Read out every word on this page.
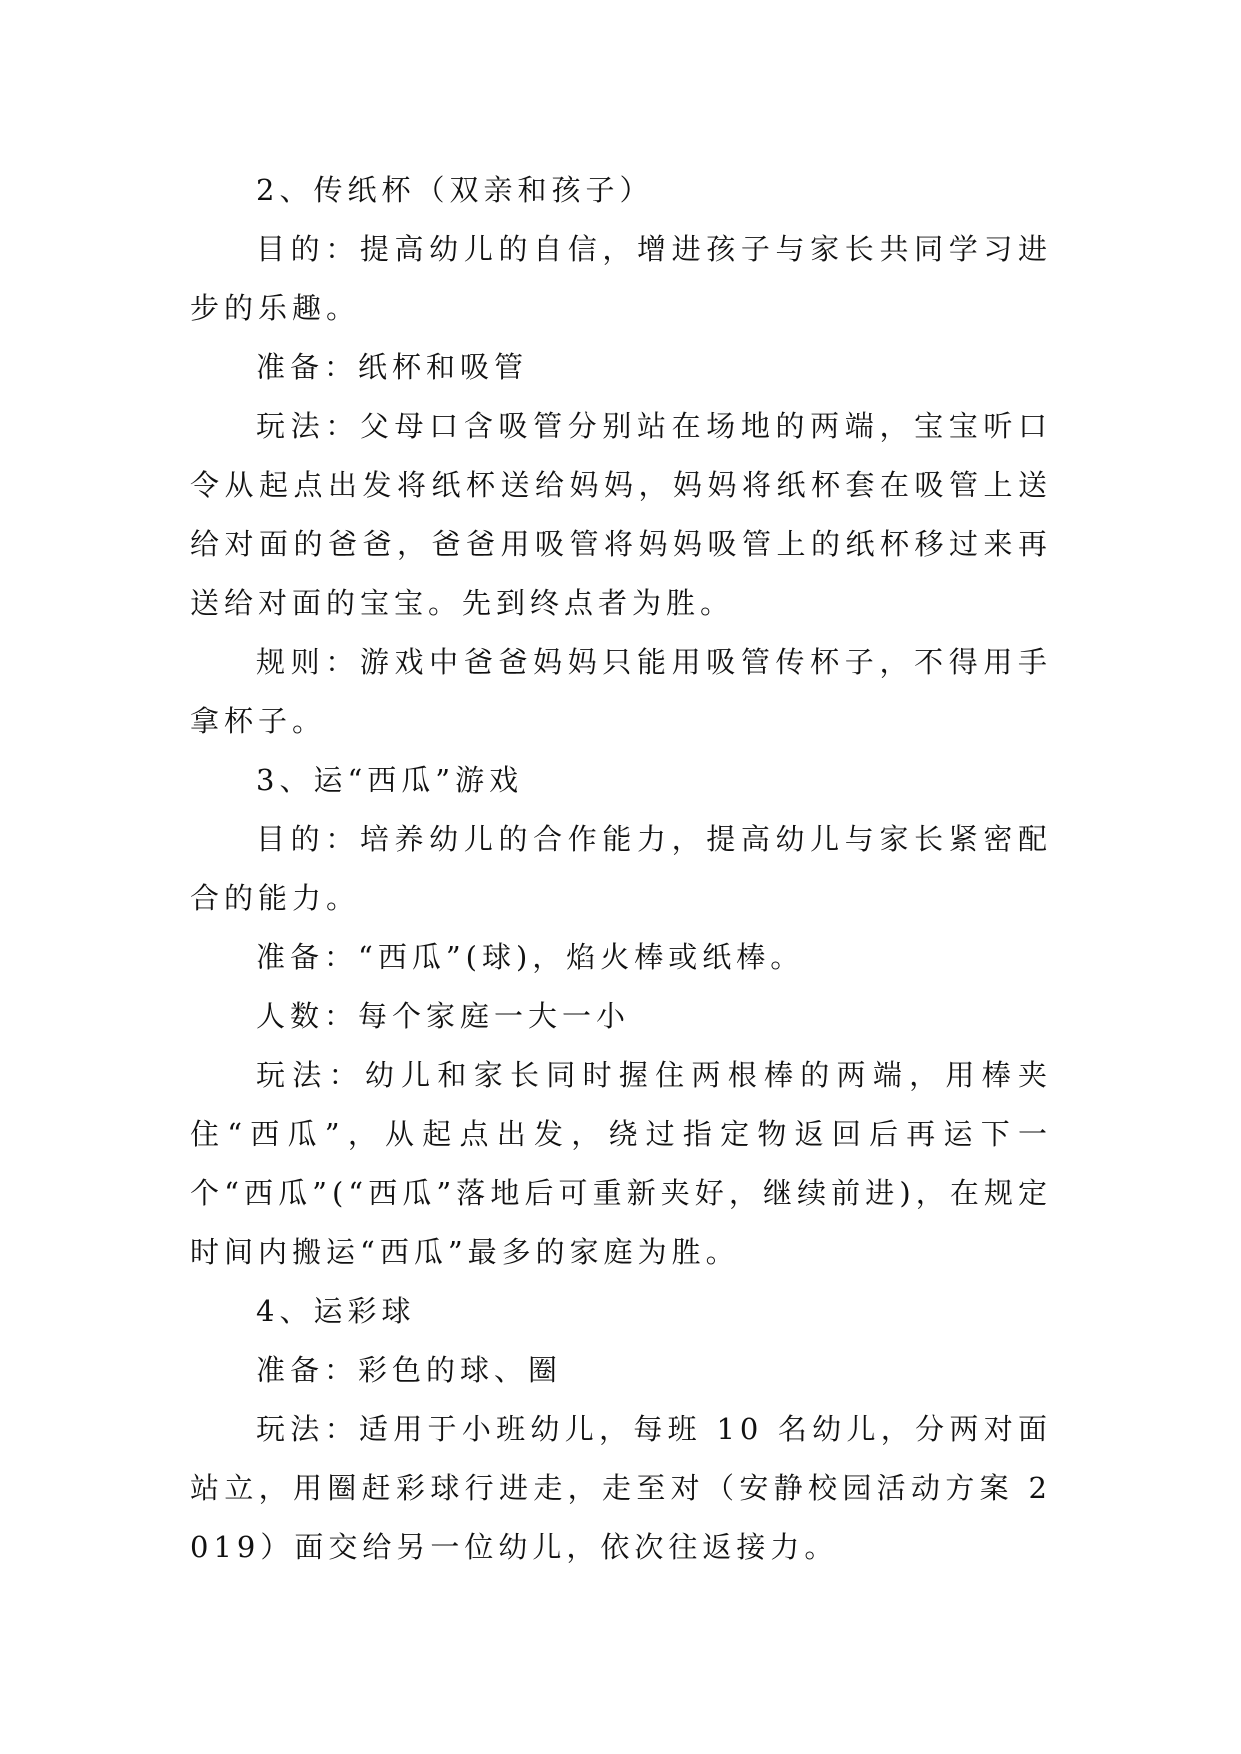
2、传纸杯（双亲和孩子）

目的：提高幼儿的自信，增进孩子与家长共同学习进步的乐趣。

准备：纸杯和吸管

玩法：父母口含吸管分别站在场地的两端，宝宝听口令从起点出发将纸杯送给妈妈，妈妈将纸杯套在吸管上送给对面的爸爸，爸爸用吸管将妈妈吸管上的纸杯移过来再送给对面的宝宝。先到终点者为胜。

规则：游戏中爸爸妈妈只能用吸管传杯子，不得用手拿杯子。

3、运“西瓜”游戏

目的：培养幼儿的合作能力，提高幼儿与家长紧密配合的能力。

准备：“西瓜”(球)，焰火棒或纸棒。

人数：每个家庭一大一小

玩法：幼儿和家长同时握住两根棒的两端，用棒夹住“西瓜”，从起点出发，绕过指定物返回后再运下一个“西瓜”(“西瓜”落地后可重新夹好，继续前进)，在规定时间内搬运“西瓜”最多的家庭为胜。

4、运彩球

准备：彩色的球、圈

玩法：适用于小班幼儿，每班 10 名幼儿，分两对面站立，用圈赶彩球行进走，走至对（安静校园活动方案 2019）面交给另一位幼儿，依次往返接力。
